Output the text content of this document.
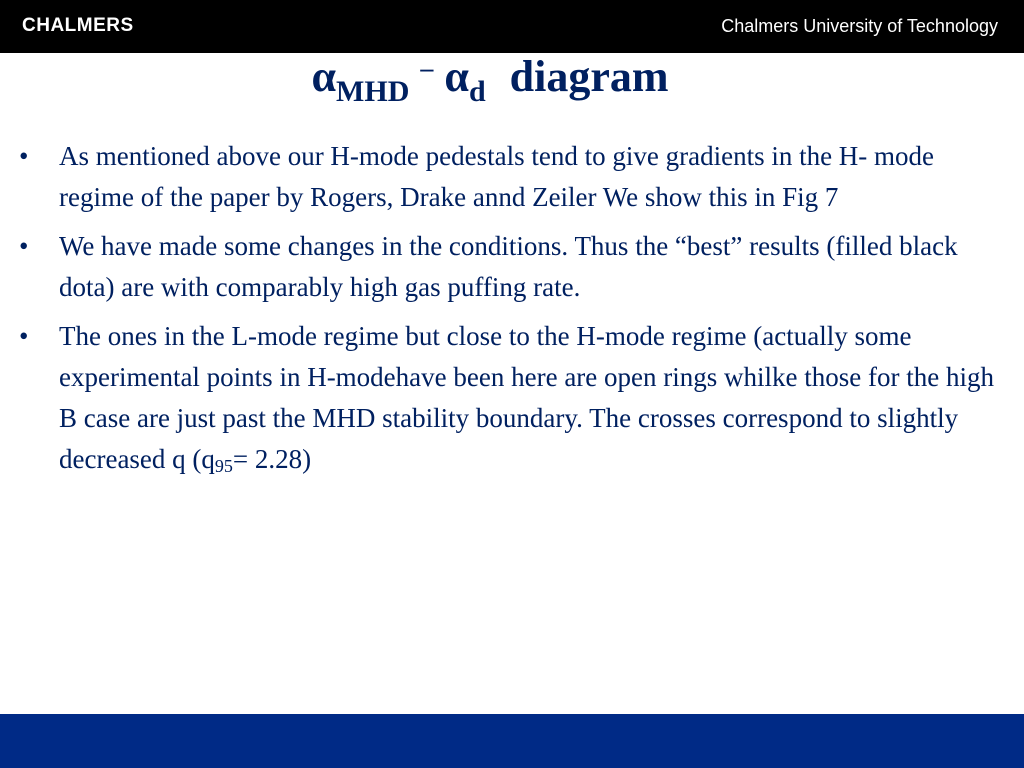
CHALMERS	Chalmers University of Technology
$\alpha_{MHD}$ – $\alpha_d$ diagram
• As mentioned above our H-mode pedestals tend to give gradients in the H- mode regime of the paper by Rogers, Drake annd Zeiler We show this in Fig 7
• We have made some changes in the conditions. Thus the “best” results (filled black dota) are with comparably high gas puffing rate.
• The ones in the L-mode regime but close to the H-mode regime (actually some experimental points in H-modehave been here are open rings whilke those for the high B case are just past the MHD stability boundary. The crosses correspond to slightly decreased q $(q_{95}= 2.28)$
